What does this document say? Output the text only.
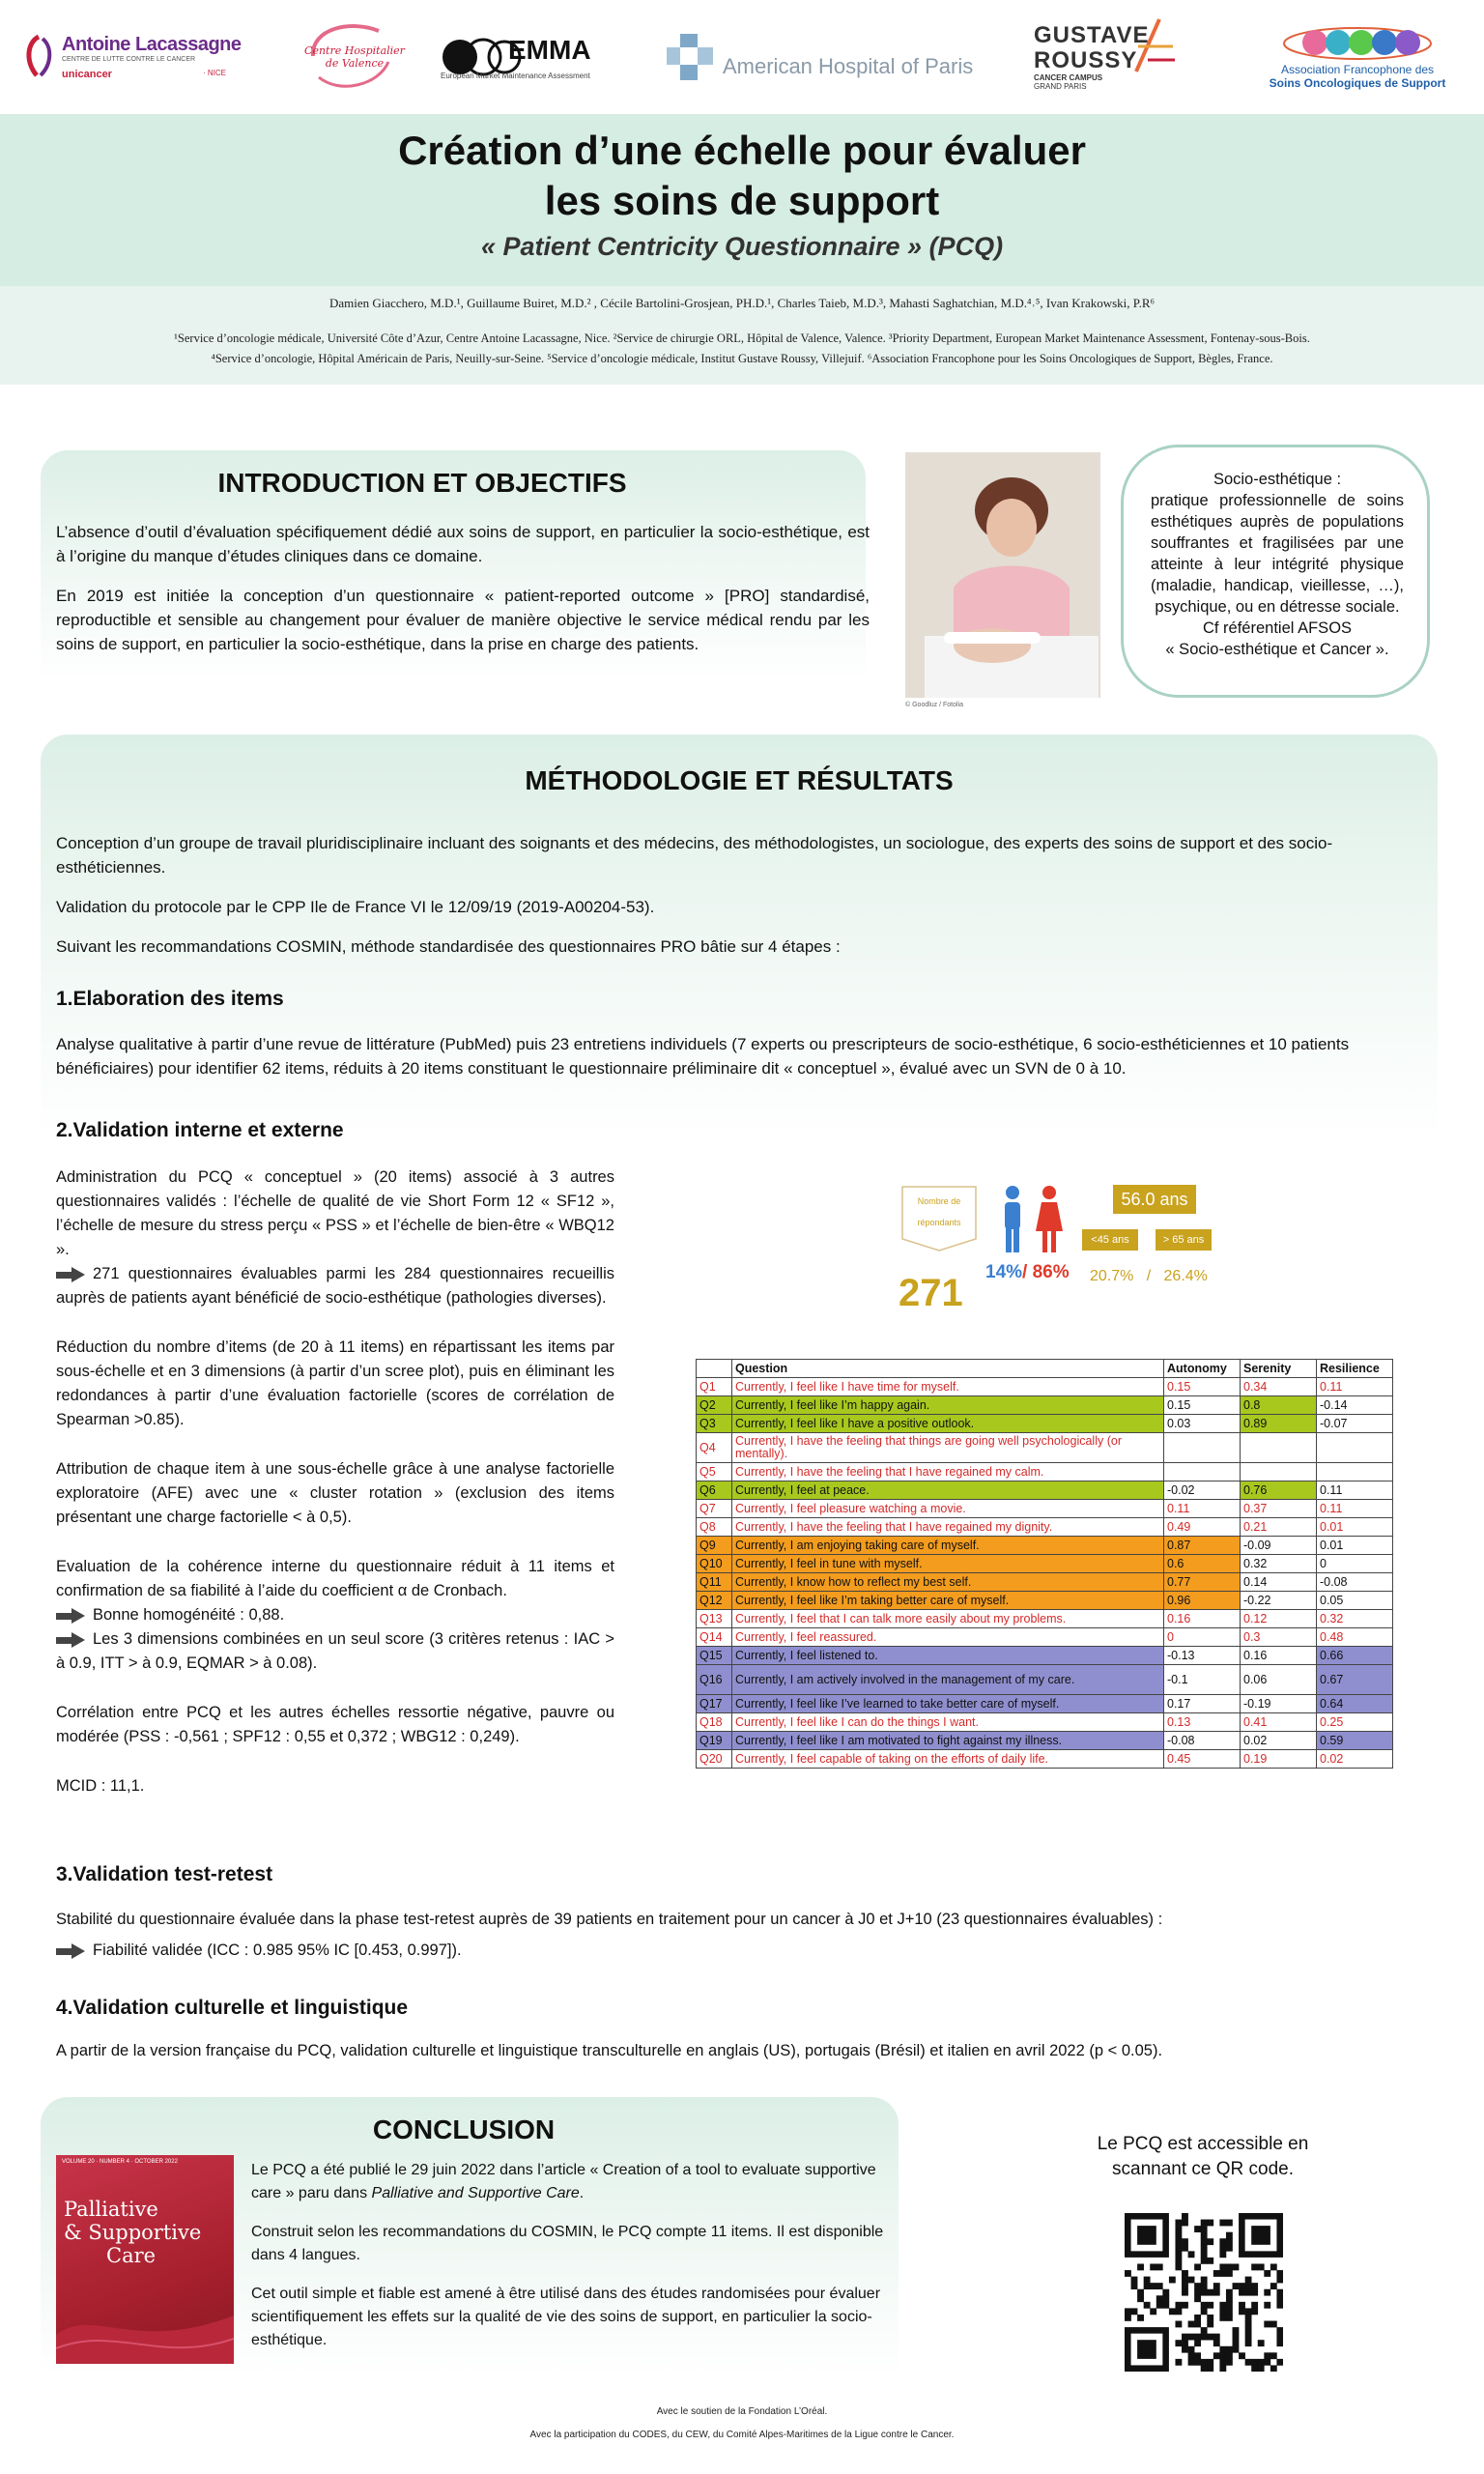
Antoine Lacassagne
CENTRE DE LUTTE CONTRE LE CANCER
unicancer	· NICE
Centre Hospitalier
de Valence	EMMA
European Market Maintenance Assessment	American Hospital of Paris
GUSTAVE
ROUSSY
CANCER CAMPUS
GRAND PARIS
Association Francophone des
Soins Oncologiques de Support
Création d’une échelle pour évaluer
les soins de support
« Patient Centricity Questionnaire » (PCQ)
Damien Giacchero, M.D.¹, Guillaume Buiret, M.D.² , Cécile Bartolini-Grosjean, PH.D.¹, Charles Taieb, M.D.³, Mahasti Saghatchian, M.D.⁴˒⁵, Ivan Krakowski, P.R⁶
¹Service d’oncologie médicale, Université Côte d’Azur, Centre Antoine Lacassagne, Nice. ²Service de chirurgie ORL, Hôpital de Valence, Valence. ³Priority Department, European Market Maintenance Assessment, Fontenay-sous-Bois.
⁴Service d’oncologie, Hôpital Américain de Paris, Neuilly-sur-Seine. ⁵Service d’oncologie médicale, Institut Gustave Roussy, Villejuif. ⁶Association Francophone pour les Soins Oncologiques de Support, Bègles, France.
INTRODUCTION ET OBJECTIFS

L’absence d’outil d’évaluation spécifiquement dédié aux soins de support, en particulier la socio-esthétique, est à l’origine du manque d’études cliniques dans ce domaine.

En 2019 est initiée la conception d’un questionnaire « patient-reported outcome » [PRO] standardisé, reproductible et sensible au changement pour évaluer de manière objective le service médical rendu par les soins de support, en particulier la socio-esthétique, dans la prise en charge des patients.

© Goodluz / Fotolia
Socio-esthétique :
pratique professionnelle de soins esthétiques auprès de populations souffrantes et fragilisées par une atteinte à leur intégrité physique (maladie, handicap, vieillesse, …), psychique, ou en détresse sociale.
Cf référentiel AFSOS
« Socio-esthétique et Cancer ».
MÉTHODOLOGIE ET RÉSULTATS

Conception d’un groupe de travail pluridisciplinaire incluant des soignants et des médecins, des méthodologistes, un sociologue, des experts des soins de support et des socio-esthéticiennes.

Validation du protocole par le CPP Ile de France VI le 12/09/19 (2019-A00204-53).

Suivant les recommandations COSMIN, méthode standardisée des questionnaires PRO bâtie sur 4 étapes :

1.Elaboration des items
Analyse qualitative à partir d’une revue de littérature (PubMed) puis 23 entretiens individuels (7 experts ou prescripteurs de socio-esthétique, 6 socio-esthéticiennes et 10 patients bénéficiaires) pour identifier 62 items, réduits à 20 items constituant le questionnaire préliminaire dit « conceptuel », évalué avec un SVN de 0 à 10.
2.Validation interne et externe
Administration du PCQ « conceptuel » (20 items) associé à 3 autres questionnaires validés : l’échelle de qualité de vie Short Form 12 « SF12 », l’échelle de mesure du stress perçu « PSS » et l’échelle de bien-être « WBQ12 ».
271 questionnaires évaluables parmi les 284 questionnaires recueillis auprès de patients ayant bénéficié de socio-esthétique (pathologies diverses).
Réduction du nombre d’items (de 20 à 11 items) en répartissant les items par sous-échelle et en 3 dimensions (à partir d’un scree plot), puis en éliminant les redondances à partir d’une évaluation factorielle (scores de corrélation de Spearman >0.85).
Attribution de chaque item à une sous-échelle grâce à une analyse factorielle exploratoire (AFE) avec une « cluster rotation » (exclusion des items présentant une charge factorielle < à 0,5).
Evaluation de la cohérence interne du questionnaire réduit à 11 items et confirmation de sa fiabilité à l’aide du coefficient α de Cronbach.
Bonne homogénéité : 0,88.
Les 3 dimensions combinées en un seul score (3 critères retenus : IAC > à 0.9, ITT > à 0.9, EQMAR > à 0.08).
Corrélation entre PCQ et les autres échelles ressortie négative, pauvre ou modérée (PSS : -0,561 ; SPF12 : 0,55 et 0,372 ; WBG12 : 0,249).
MCID : 11,1.
Nombre de répondants
271 14%/ 86%
56.0 ans
<45 ans	> 65 ans
20.7% / 26.4%
	Question	Autonomy	Serenity	Resilience
Q1	Currently, I feel like I have time for myself.	0.15	0.34	0.11
Q2	Currently, I feel like I’m happy again.	0.15	0.8	-0.14
Q3	Currently, I feel like I have a positive outlook.	0.03	0.89	-0.07
Q4	Currently, I have the feeling that things are going well psychologically (or mentally).			
Q5	Currently, I have the feeling that I have regained my calm.			
Q6	Currently, I feel at peace.	-0.02	0.76	0.11
Q7	Currently, I feel pleasure watching a movie.	0.11	0.37	0.11
Q8	Currently, I have the feeling that I have regained my dignity.	0.49	0.21	0.01
Q9	Currently, I am enjoying taking care of myself.	0.87	-0.09	0.01
Q10	Currently, I feel in tune with myself.	0.6	0.32	0
Q11	Currently, I know how to reflect my best self.	0.77	0.14	-0.08
Q12	Currently, I feel like I’m taking better care of myself.	0.96	-0.22	0.05
Q13	Currently, I feel that I can talk more easily about my problems.	0.16	0.12	0.32
Q14	Currently, I feel reassured.	0	0.3	0.48
Q15	Currently, I feel listened to.	-0.13	0.16	0.66
Q16	Currently, I am actively involved in the management of my care.	-0.1	0.06	0.67
Q17	Currently, I feel like I’ve learned to take better care of myself.	0.17	-0.19	0.64
Q18	Currently, I feel like I can do the things I want.	0.13	0.41	0.25
Q19	Currently, I feel like I am motivated to fight against my illness.	-0.08	0.02	0.59
Q20	Currently, I feel capable of taking on the efforts of daily life.	0.45	0.19	0.02
3.Validation test-retest
Stabilité du questionnaire évaluée dans la phase test-retest auprès de 39 patients en traitement pour un cancer à J0 et J+10 (23 questionnaires évaluables) :
Fiabilité validée (ICC : 0.985 95% IC [0.453, 0.997]).
4.Validation culturelle et linguistique
A partir de la version française du PCQ, validation culturelle et linguistique transculturelle en anglais (US), portugais (Brésil) et italien en avril 2022 (p < 0.05).
CONCLUSION

Le PCQ a été publié le 29 juin 2022 dans l’article « Creation of a tool to evaluate supportive care » paru dans Palliative and Supportive Care.

Construit selon les recommandations du COSMIN, le PCQ compte 11 items. Il est disponible dans 4 langues.

Cet outil simple et fiable est amené à être utilisé dans des études randomisées pour évaluer scientifiquement les effets sur la qualité de vie des soins de support, en particulier la socio-esthétique.

VOLUME 20 · NUMBER 4 · OCTOBER 2022
Palliative
& Supportive
Care
Le PCQ est accessible en
scannant ce QR code.
Avec le soutien de la Fondation L’Oréal.
Avec la participation du CODES, du CEW, du Comité Alpes-Maritimes de la Ligue contre le Cancer.
